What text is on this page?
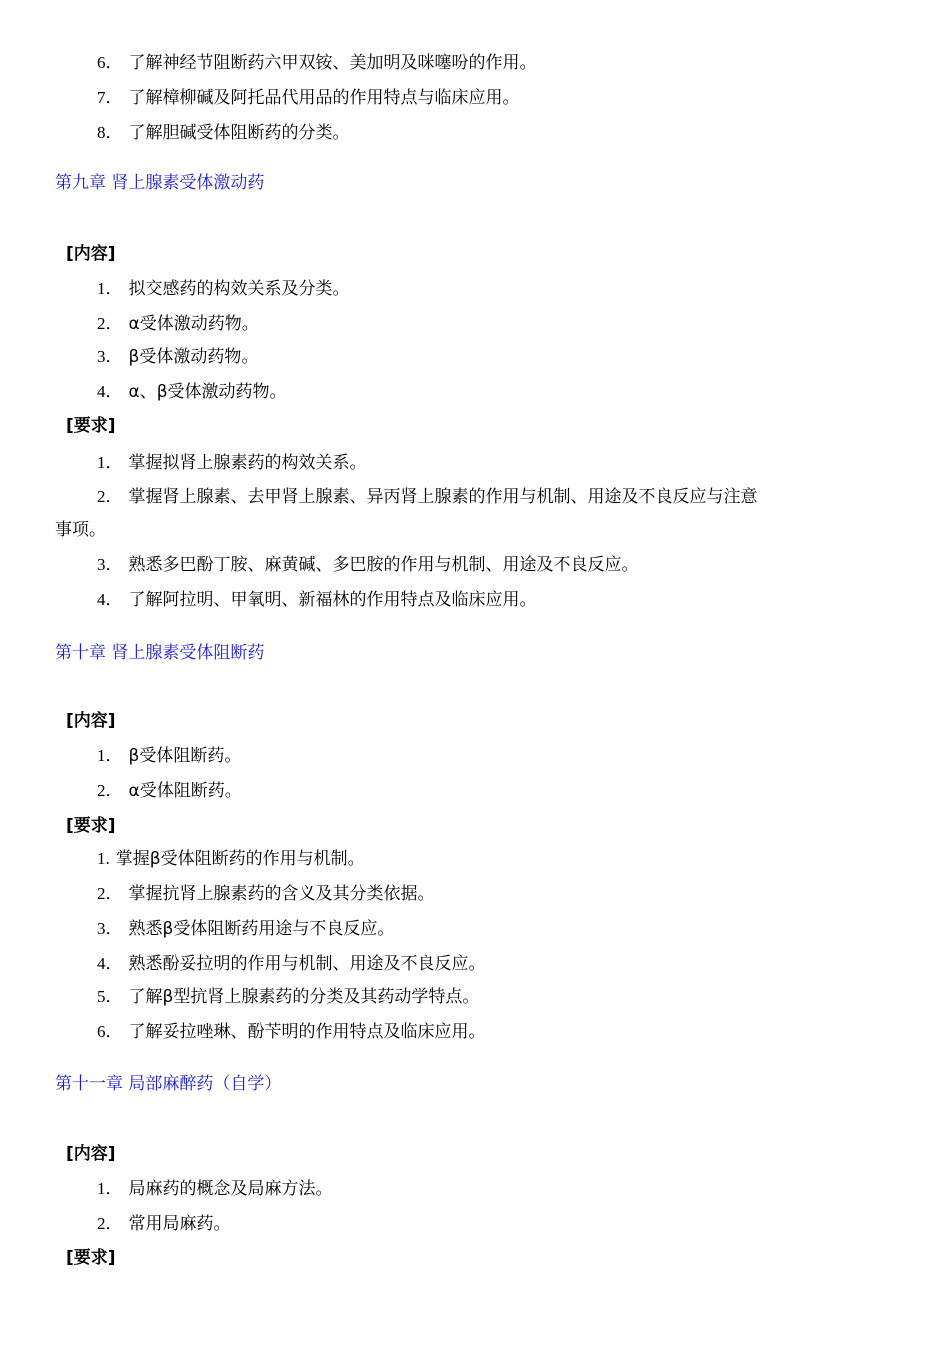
6． 了解神经节阻断药六甲双铵、美加明及咪噻吩的作用。
7． 了解樟柳碱及阿托品代用品的作用特点与临床应用。
8． 了解胆碱受体阻断药的分类。
第九章 肾上腺素受体激动药
[内容]
1． 拟交感药的构效关系及分类。
2． α受体激动药物。
3． β受体激动药物。
4． α、β受体激动药物。
[要求]
1． 掌握拟肾上腺素药的构效关系。
2． 掌握肾上腺素、去甲肾上腺素、异丙肾上腺素的作用与机制、用途及不良反应与注意
事项。
3． 熟悉多巴酚丁胺、麻黄碱、多巴胺的作用与机制、用途及不良反应。
4． 了解阿拉明、甲氧明、新福林的作用特点及临床应用。
第十章 肾上腺素受体阻断药
[内容]
1． β受体阻断药。
2． α受体阻断药。
[要求]
1. 掌握β受体阻断药的作用与机制。
2． 掌握抗肾上腺素药的含义及其分类依据。
3． 熟悉β受体阻断药用途与不良反应。
4． 熟悉酚妥拉明的作用与机制、用途及不良反应。
5． 了解β型抗肾上腺素药的分类及其药动学特点。
6． 了解妥拉唑琳、酚苄明的作用特点及临床应用。
第十一章 局部麻醉药（自学）
[内容]
1． 局麻药的概念及局麻方法。
2． 常用局麻药。
[要求]
